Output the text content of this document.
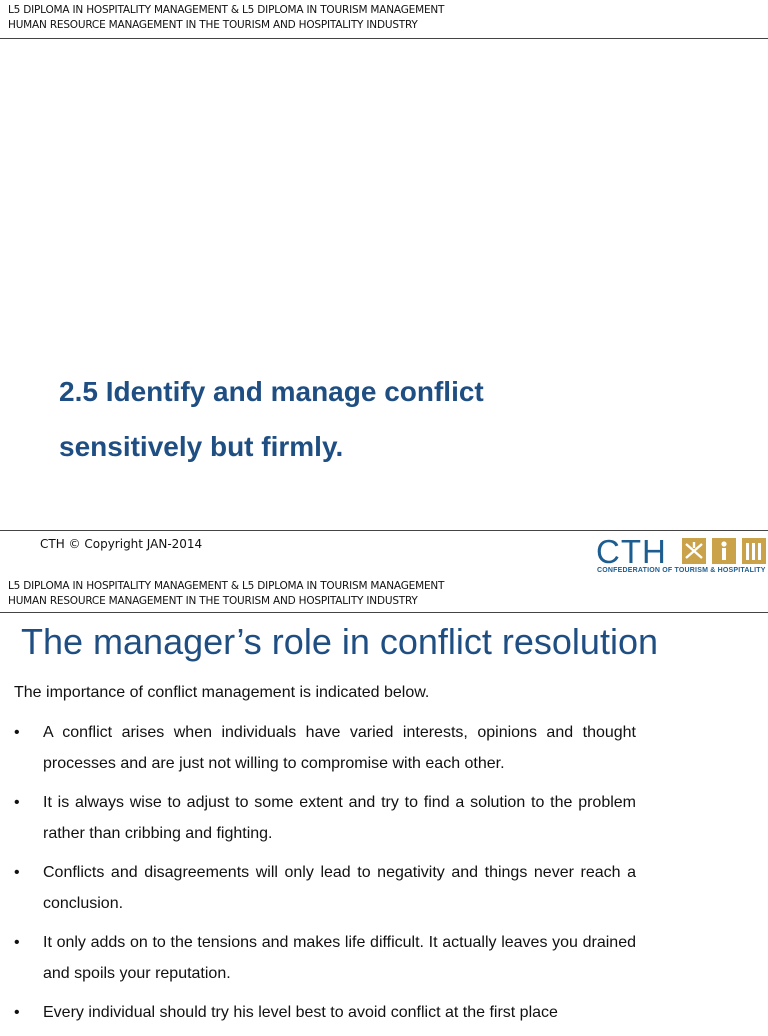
L5 DIPLOMA IN HOSPITALITY MANAGEMENT & L5 DIPLOMA IN TOURISM MANAGEMENT
HUMAN RESOURCE MANAGEMENT IN THE TOURISM AND HOSPITALITY INDUSTRY
2.5 Identify and manage conflict
sensitively but firmly.
CTH © Copyright JAN-2014	CTH
CONFEDERATION OF TOURISM & HOSPITALITY
L5 DIPLOMA IN HOSPITALITY MANAGEMENT & L5 DIPLOMA IN TOURISM MANAGEMENT
HUMAN RESOURCE MANAGEMENT IN THE TOURISM AND HOSPITALITY INDUSTRY
The manager’s role in conflict resolution
The importance of conflict management is indicated below.
• A conflict arises when individuals have varied interests, opinions and thought processes and are just not willing to compromise with each other.
• It is always wise to adjust to some extent and try to find a solution to the problem rather than cribbing and fighting.
• Conflicts and disagreements will only lead to negativity and things never reach a conclusion.
• It only adds on to the tensions and makes life difficult. It actually leaves you drained and spoils your reputation.
• Every individual should try his level best to avoid conflict at the first place
